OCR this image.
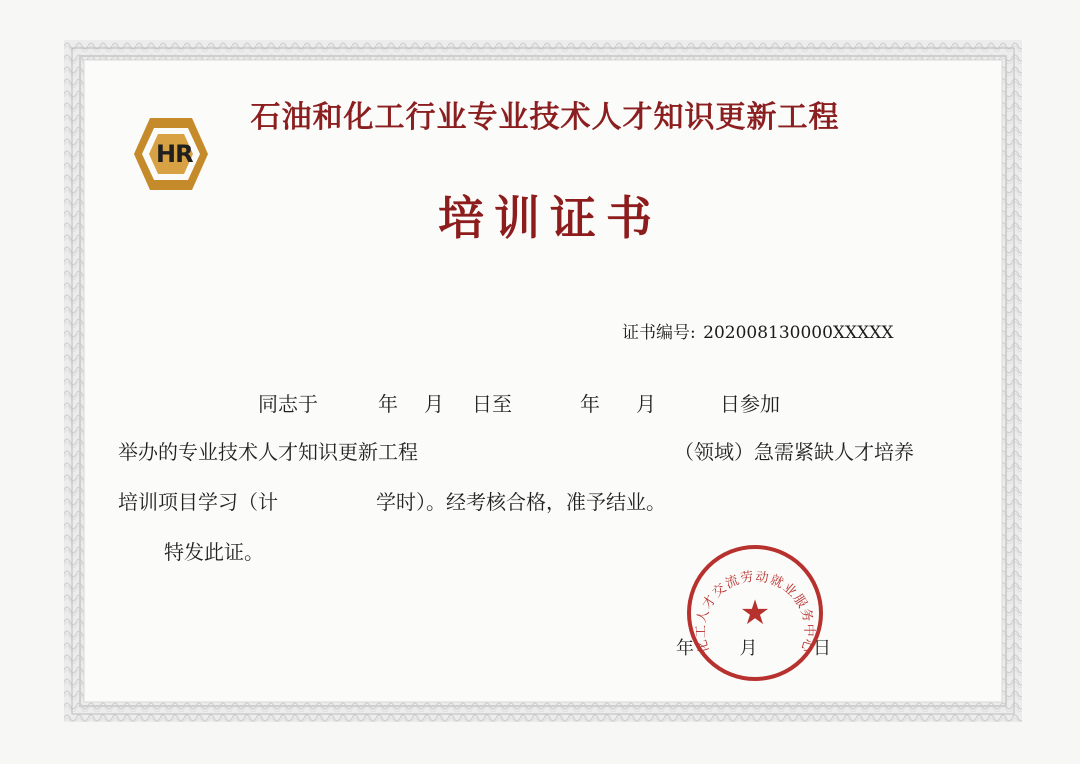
HR
石油和化工行业专业技术人才知识更新工程
培训证书
证书编号: 202008130000XXXXX
同志于	年 月 日至	年 月	日参加
举办的专业技术人才知识更新工程	（领域）急需紧缺人才培养
培训项目学习（计	学时）。经考核合格，准予结业。
特发此证。
化工人才交流劳动就业服务中心
★
年	月	日
